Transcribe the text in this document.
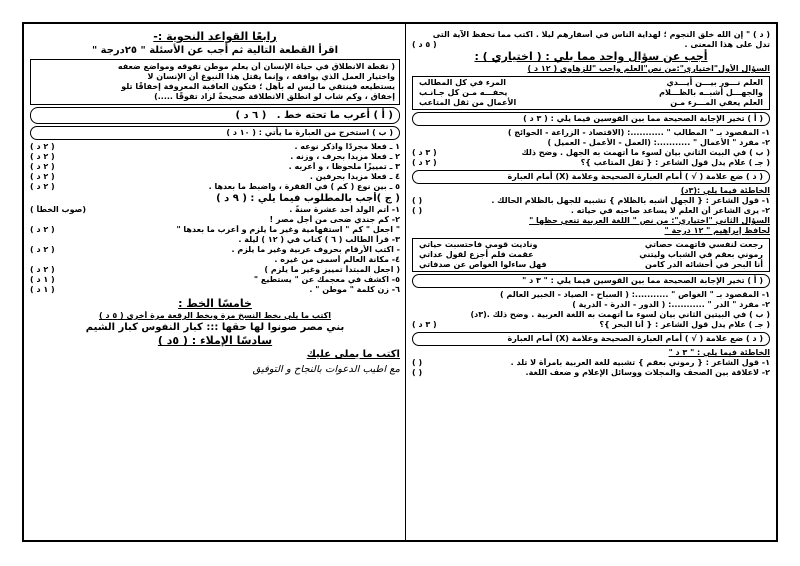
( د ) " إن الله خلق النجوم ؛ لهداية الناس في أسفارهم ليلًا . اكتب مما تحفظ الآية التى
تدل على هذا المعنى .
( ٥ د )
أجب عن سؤال واحد مما يلي : ( اختياري ) :
السؤال الأول"اختياري":من نص"العلم واجب "للزهاوى ( ١٢ د )
العلم نـــور بيـــن أيـــدي
المرء في كل المطالب
والجهـــل أشبــه بالظـــلام
يحفـــه مـن كل جـانـب
العلم يعفي المـــرء مـن
الأعمال من ثقل المتاعب
( أ ) تخير الإجابة الصحيحة مما بين القوسين فيما يلي : ( ٣ د )
١- المقصود بـ " المطالب " ...........: (الاقتصاد - الزراعة - الحوائج )
٢- مفرد " الأعمال " ...........: (العمل - الأعمل - العميل )
( ب ) في البيت الثاني بيان لسوء ما أتهمت به الجهل . وضح ذلك
( ٣ د )
( جـ ) علام يدل قول الشاعر : { ثقل المتاعب }؟
( ٢ د )
( د ) ضع علامة ( √ ) أمام العبارة الصحيحة وعلامة (X) أمام العبارة
الخاطئة فيما يلي :(٣د)
١- قول الشاعر : { الجهل أشبه بالظلام } تشبيه للجهل بالظلام الحالك .
( )
٢- يرى الشاعر أن العلم لا يساعد صاحبه في حياته .
( )
السؤال الثاني "اختياري": من نص " اللغة العربية تنعي حظها "
لحافظ إبراهيم " ١٢ درجة "
رجعت لنفسي فاتهمت حصاتي
وناديت قومي فاحتسبت حياتي
رموني بعقم في الشباب وليتني
عقمت فلم أجزع لقول عداتي
أنا البحر في أحشائه الدر كامن
فهل ساءلوا الغواص عن صدفاتي
( أ ) تخير الإجابة الصحيحة مما بين القوسين فيما يلي : " ٣ د "
١- المقصود بـ " الغواص " ...........: ( السباح - الصياد - الخبير العالم )
٢- مفرد " الدر " ...........: ( الدور - الدرة - الدرية )
( ب ) في البيتين الثاني بيان لسوء ما أتهمت به اللغة العربية . وضح ذلك .(٣د)
( جـ ) علام يدل قول الشاعر : { أنا البحر }؟
( ٣ د )
( د ) ضع علامة ( √ ) أمام العبارة الصحيحة وعلامة (X) أمام العبارة
الخاطئة فيما يلي : " ٣ د "
١- قول الشاعر : { رموني بعقم } تشبيه للغة العربية بامرأة لا تلد .
( )
٢- لاعلاقة بين الصحف والمجلات ووسائل الإعلام و ضعف اللغة.
( )
رابعًا القواعد النحوية :-
اقرأ القطعة التالية ثم أجب عن الأسئلة " ٢٥درجة "
( نقطة الانطلاق في حياة الإنسان أن يعلم موطن تفوقه ومواضع ضعفه
واختيار العمل الذي يوافقه ، وإنما يقتل هذا النبوغ أن الإنسان لا
يستطيعه فينتقي ما ليس له بأهل ؛ فتكون العاقبة المعروفة إخفاقًا تلو
إخفاق ، وكم شاب لو انطلق الانطلاقة صحيحةً لزاد تفوقًا .....)
( أ ) أعرب ما تحته خط .   ( ٦ د )
( ب ) استخرج من العبارة ما يأتي : ( ١٠ د )
١ ـ فعلا مجردًا واذكر نوعه .
( ٢ د )
٢ ـ فعلا مزيدا بحرف ، وزنه .
( ٢ د )
٣ ـ تمييزًا ملحوظا ، و أعربه .
( ٢ د )
٤ ـ فعلا مزيدا بحرفين .
( ٢ د )
٥ ـ بين نوع ( كم ) في الفقرة ، واضبط ما بعدها .
( ٢ د )
( ج )أجب بالمطلوب فيما يلي : ( ٩ د )
١- أتم الولد أحد عشرة سنةً .
(صوب الخطأ )
٢- كم جندي ضحى من أجل مصر !
" اجعل " كم " استفهامية وغير ما يلزم و أعرب ما بعدها "
( ٢ د )
٣- قرأ الطالب ( ٦ ) كتاب في ( ١٢ ) ليلة .
- اكتب الأرقام بحروف عربية وغير ما يلزم .
( ٢ د )
٤- مكانة العالم أسمى من غيره .
( اجعل المبتدأ تمييز وغير ما يلزم )
( ٢ د )
٥- اكشف في معجمك عن " يستطيع "
( ١ د )
٦- زن كلمة " موطن " .
( ١ د )
خامسًا الخط :
اكتب ما يلي بخط النسخ مرة وبخط الرقعة مرة أخرى ( ٥ د )
بني مصر صونوا لها حقها ::: كبار النفوس كبار الشيم
سادسًا الإملاء : ( ٥د )
اكتب ما يملى عليك
مع أطيب الدعوات بالنجاح و التوفيق
